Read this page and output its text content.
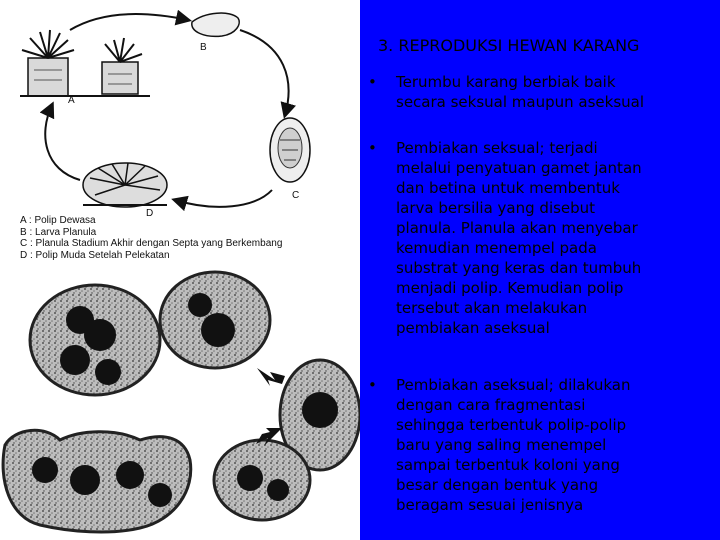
A
B
C
D
A : Polip Dewasa
B : Larva Planula
C : Planula Stadium Akhir dengan Septa yang Berkembang
D : Polip Muda Setelah Pelekatan
3. REPRODUKSI HEWAN KARANG
• Terumbu karang berbiak baik
secara seksual maupun aseksual
• Pembiakan seksual; terjadi
melalui penyatuan gamet jantan
dan betina untuk membentuk
larva bersilia yang disebut
planula. Planula akan menyebar
kemudian menempel pada
substrat yang keras dan tumbuh
menjadi polip. Kemudian polip
tersebut akan melakukan
pembiakan aseksual
• Pembiakan aseksual; dilakukan
dengan cara fragmentasi
sehingga terbentuk polip-polip
baru yang saling menempel
sampai terbentuk koloni yang
besar dengan bentuk yang
beragam sesuai jenisnya
